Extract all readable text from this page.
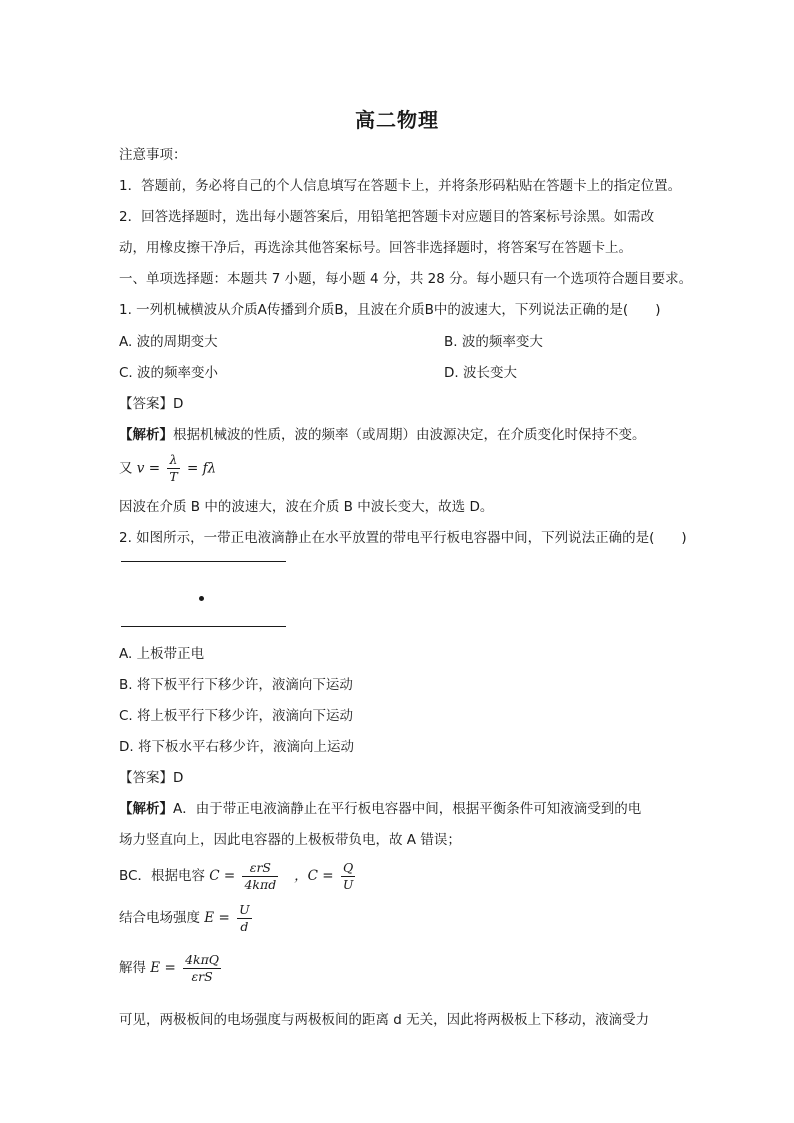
高二物理
注意事项：
1．答题前，务必将自己的个人信息填写在答题卡上，并将条形码粘贴在答题卡上的指定位置。
2．回答选择题时，选出每小题答案后，用铅笔把答题卡对应题目的答案标号涂黑。如需改
动，用橡皮擦干净后，再选涂其他答案标号。回答非选择题时，将答案写在答题卡上。
一、单项选择题：本题共 7 小题，每小题 4 分，共 28 分。每小题只有一个选项符合题目要求。
1. 一列机械横波从介质A传播到介质B，且波在介质B中的波速大，下列说法正确的是(　　)
A. 波的周期变大	B. 波的频率变大
C. 波的频率变小	D. 波长变大
【答案】D
【解析】根据机械波的性质，波的频率（或周期）由波源决定，在介质变化时保持不变。
又 $v = \frac{\lambda}{T} = f\lambda$
因波在介质 B 中的波速大，波在介质 B 中波长变大，故选 D。
2. 如图所示，一带正电液滴静止在水平放置的带电平行板电容器中间，下列说法正确的是(　　)
A. 上板带正电
B. 将下板平行下移少许，液滴向下运动
C. 将上板平行下移少许，液滴向下运动
D. 将下板水平右移少许，液滴向上运动
【答案】D
【解析】A．由于带正电液滴静止在平行板电容器中间，根据平衡条件可知液滴受到的电
场力竖直向上，因此电容器的上极板带负电，故 A 错误；
BC．根据电容 $C = \frac{\text{εrS}}{\text{4kπd}}$ ，$C = \frac{Q}{U}$
结合电场强度 $E = \frac{U}{d}$
解得 $E = \frac{\text{4kπQ}}{\text{εrS}}$
可见，两极板间的电场强度与两极板间的距离 d 无关，因此将两极板上下移动，液滴受力
